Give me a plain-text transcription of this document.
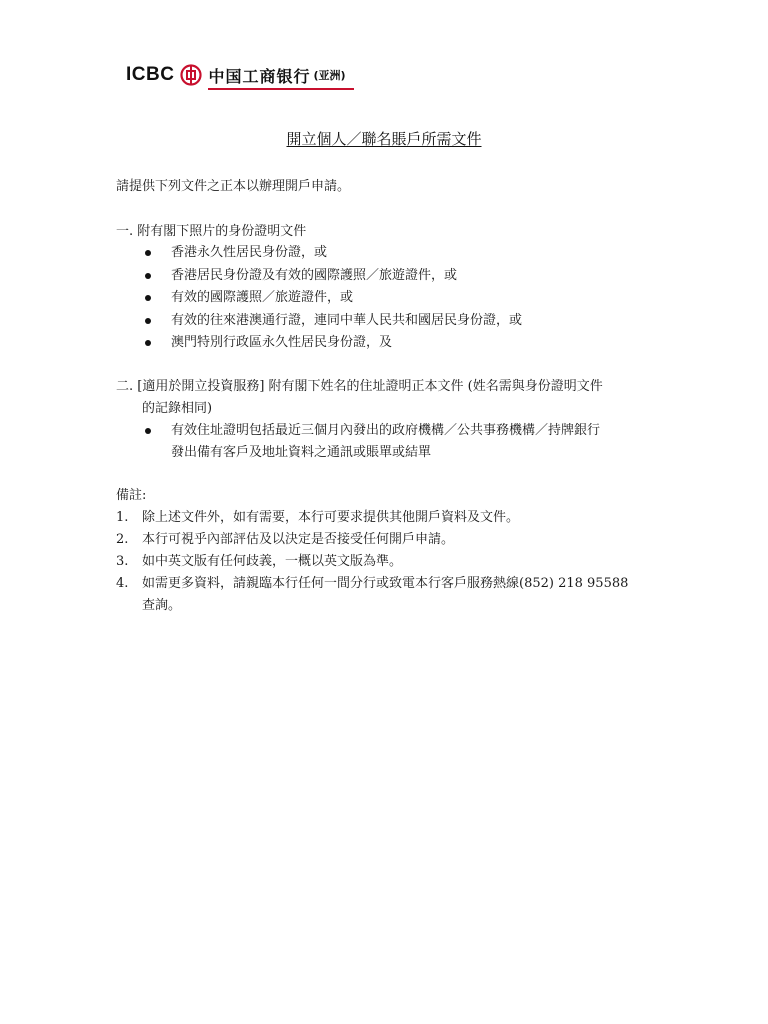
ICBC 中国工商银行 (亚洲)
開立個人／聯名賬戶所需文件
請提供下列文件之正本以辦理開戶申請。
一. 附有閣下照片的身份證明文件
香港永久性居民身份證，或
香港居民身份證及有效的國際護照／旅遊證件，或
有效的國際護照／旅遊證件，或
有效的往來港澳通行證，連同中華人民共和國居民身份證，或
澳門特別行政區永久性居民身份證，及
二. [適用於開立投資服務] 附有閣下姓名的住址證明正本文件 (姓名需與身份證明文件
的記錄相同)
有效住址證明包括最近三個月內發出的政府機構／公共事務機構／持牌銀行
發出備有客戶及地址資料之通訊或賬單或結單
備註:
1. 除上述文件外，如有需要，本行可要求提供其他開戶資料及文件。
2. 本行可視乎內部評估及以決定是否接受任何開戶申請。
3. 如中英文版有任何歧義，一概以英文版為準。
4. 如需更多資料，請親臨本行任何一間分行或致電本行客戶服務熱線(852) 218 95588
查詢。
